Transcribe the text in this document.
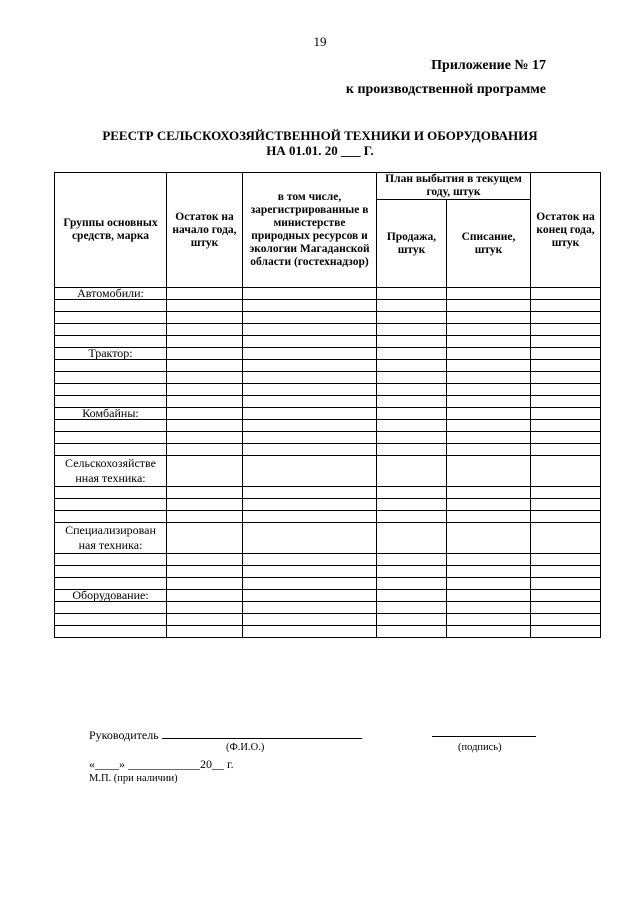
19
Приложение № 17
к производственной программе
РЕЕСТР СЕЛЬСКОХОЗЯЙСТВЕННОЙ ТЕХНИКИ И ОБОРУДОВАНИЯ
НА 01.01. 20 ___ Г.
Группы основных средств, марка	Остаток на начало года, штук	в том числе, зарегистрированные в министерстве природных ресурсов и экологии Магаданской области (гостехнадзор)	План выбытия в текущем году, штук		Остаток на конец года, штук
			Продажа, штук	Списание, штук	
Автомобили:					

Трактор:					

Комбайны:					

Сельскохозяйстве нная техника:					

Специализирован ная техника:					

Оборудование:					

Руководитель
(Ф.И.О.)	(подпись)
«____» ____________20__ г.
М.П. (при наличии)
